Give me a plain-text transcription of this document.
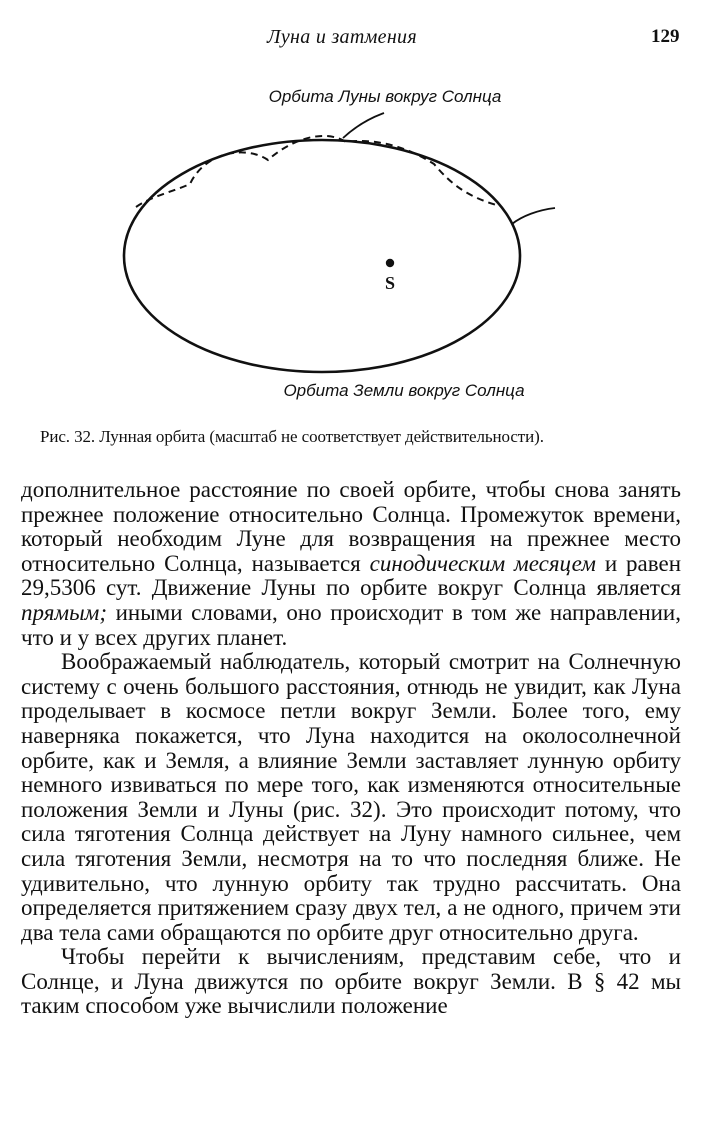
Луна и затмения	129
S
Орбита Луны вокруг Солнца
Орбита Земли вокруг Солнца
Рис. 32. Лунная орбита (масштаб не соответствует действительности).

дополнительное расстояние по своей орбите, чтобы снова занять прежнее положение относительно Солнца. Промежуток времени, который необходим Луне для возвращения на прежнее место относительно Солнца, называется синодическим месяцем и равен 29,5306 сут. Движение Луны по орбите вокруг Солнца является прямым; иными словами, оно происходит в том же направлении, что и у всех других планет.

Воображаемый наблюдатель, который смотрит на Солнечную систему с очень большого расстояния, отнюдь не увидит, как Луна проделывает в космосе петли вокруг Земли. Более того, ему наверняка покажется, что Луна находится на околосолнечной орбите, как и Земля, а влияние Земли заставляет лунную орбиту немного извиваться по мере того, как изменяются относительные положения Земли и Луны (рис. 32). Это происходит потому, что сила тяготения Солнца действует на Луну намного сильнее, чем сила тяготения Земли, несмотря на то что последняя ближе. Не удивительно, что лунную орбиту так трудно рассчитать. Она определяется притяжением сразу двух тел, а не одного, причем эти два тела сами обращаются по орбите друг относительно друга.

Чтобы перейти к вычислениям, представим себе, что и Солнце, и Луна движутся по орбите вокруг Земли. В § 42 мы таким способом уже вычислили положение
